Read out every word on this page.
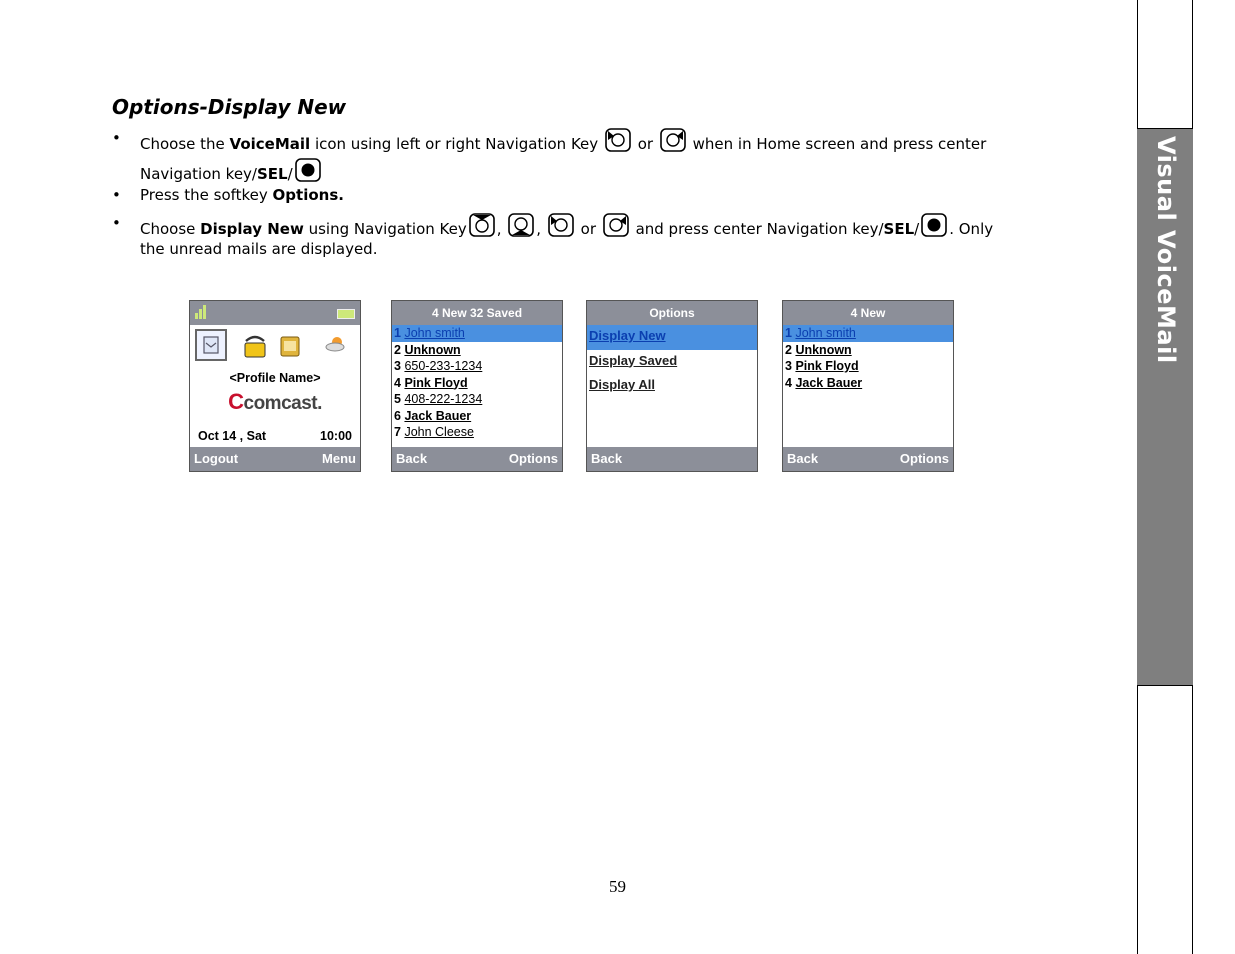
Visual VoiceMail
Options-Display New
• Choose the VoiceMail icon using left or right Navigation Key	or	when in Home screen and press center
Navigation key/SEL/
• Press the softkey Options.
• Choose Display New using Navigation Key , ,	or	and press center Navigation key/SEL/ . Only
the unread mails are displayed.
<Profile Name>
Ccomcast.
Oct 14 , Sat	10:00
Logout	Menu
4 New 32 Saved
1 John smith
2 Unknown
3 650-233-1234
4 Pink Floyd
5 408-222-1234
6 Jack Bauer
7 John Cleese
Back	Options
Options
Display New
Display Saved
Display All
Back
4 New
1 John smith
2 Unknown
3 Pink Floyd
4 Jack Bauer
Back	Options
59
